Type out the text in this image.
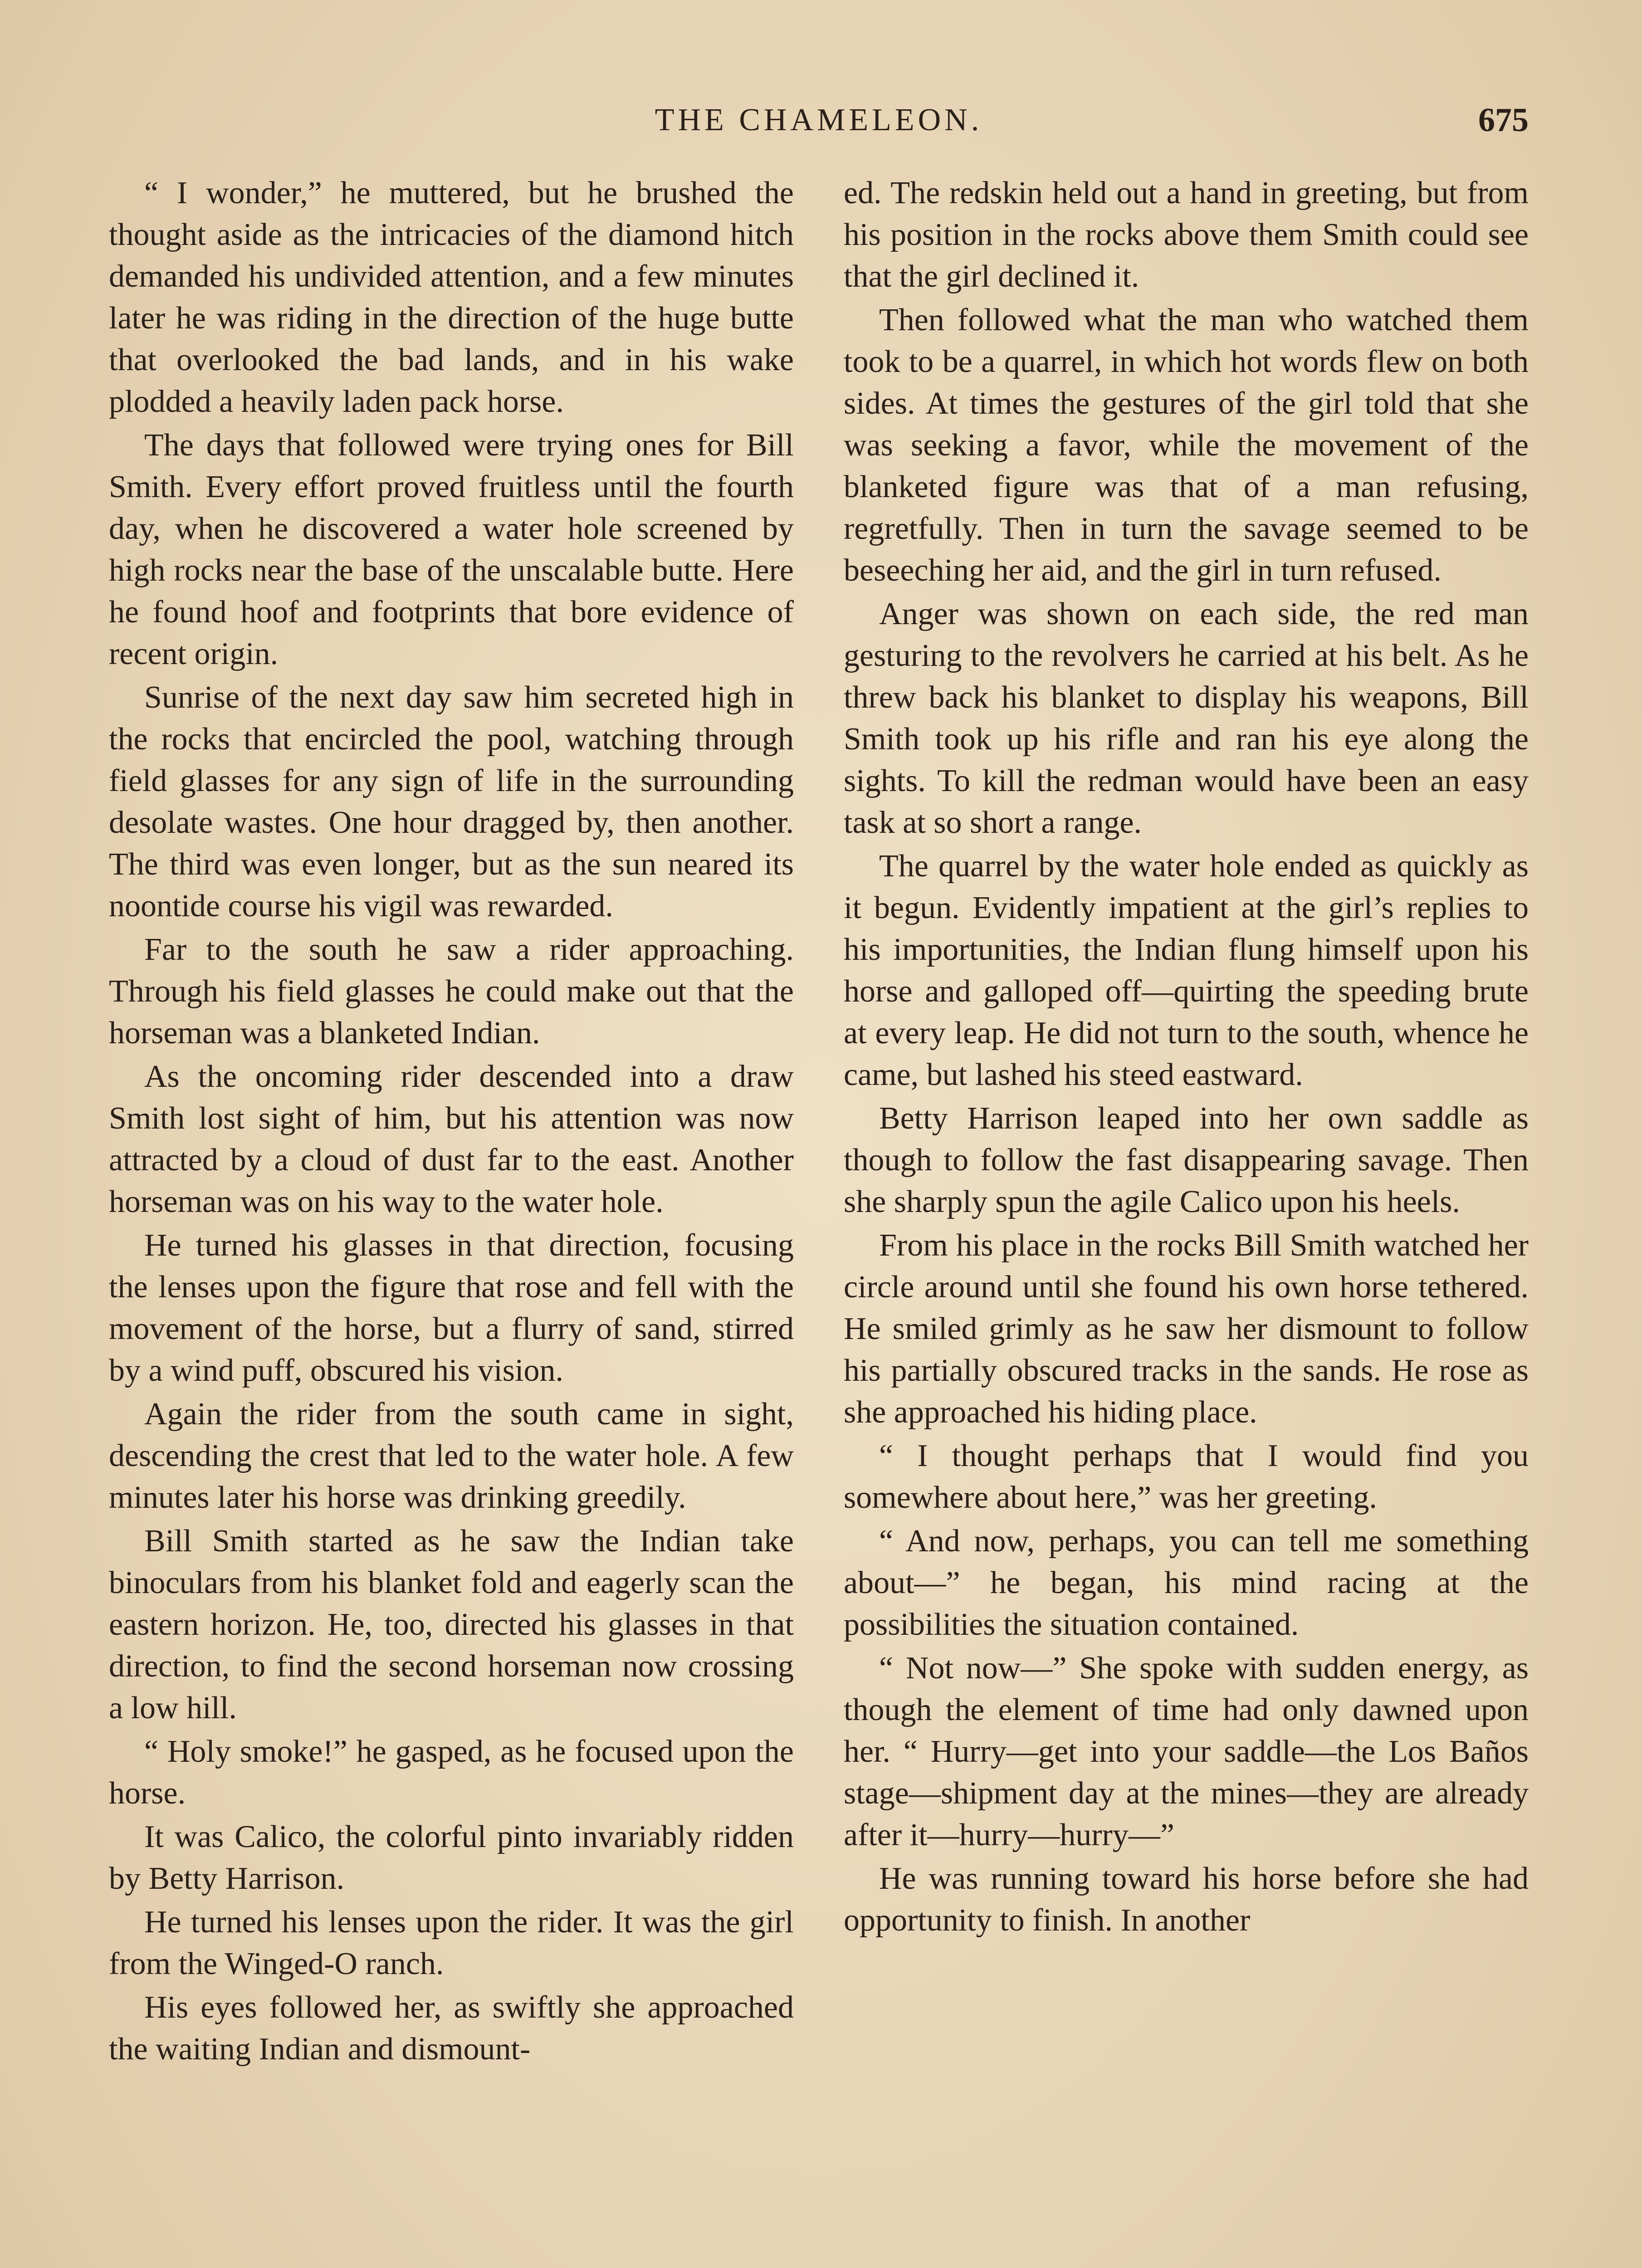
THE CHAMELEON.	675

“ I wonder,” he muttered, but he brushed the thought aside as the intricacies of the diamond hitch demanded his undivided attention, and a few minutes later he was riding in the direction of the huge butte that overlooked the bad lands, and in his wake plodded a heavily laden pack horse.

The days that followed were trying ones for Bill Smith. Every effort proved fruitless until the fourth day, when he discovered a water hole screened by high rocks near the base of the unscalable butte. Here he found hoof and footprints that bore evidence of recent origin.

Sunrise of the next day saw him secreted high in the rocks that encircled the pool, watching through field glasses for any sign of life in the surrounding desolate wastes. One hour dragged by, then another. The third was even longer, but as the sun neared its noontide course his vigil was rewarded.

Far to the south he saw a rider approaching. Through his field glasses he could make out that the horseman was a blanketed Indian.

As the oncoming rider descended into a draw Smith lost sight of him, but his attention was now attracted by a cloud of dust far to the east. Another horseman was on his way to the water hole.

He turned his glasses in that direction, focusing the lenses upon the figure that rose and fell with the movement of the horse, but a flurry of sand, stirred by a wind puff, obscured his vision.

Again the rider from the south came in sight, descending the crest that led to the water hole. A few minutes later his horse was drinking greedily.

Bill Smith started as he saw the Indian take binoculars from his blanket fold and eagerly scan the eastern horizon. He, too, directed his glasses in that direction, to find the second horseman now crossing a low hill.

“ Holy smoke!” he gasped, as he focused upon the horse.

It was Calico, the colorful pinto invariably ridden by Betty Harrison.

He turned his lenses upon the rider. It was the girl from the Winged-O ranch.

His eyes followed her, as swiftly she approached the waiting Indian and dismount-

ed. The redskin held out a hand in greeting, but from his position in the rocks above them Smith could see that the girl declined it.

Then followed what the man who watched them took to be a quarrel, in which hot words flew on both sides. At times the gestures of the girl told that she was seeking a favor, while the movement of the blanketed figure was that of a man refusing, regretfully. Then in turn the savage seemed to be beseeching her aid, and the girl in turn refused.

Anger was shown on each side, the red man gesturing to the revolvers he carried at his belt. As he threw back his blanket to display his weapons, Bill Smith took up his rifle and ran his eye along the sights. To kill the redman would have been an easy task at so short a range.

The quarrel by the water hole ended as quickly as it begun. Evidently impatient at the girl’s replies to his importunities, the Indian flung himself upon his horse and galloped off—quirting the speeding brute at every leap. He did not turn to the south, whence he came, but lashed his steed eastward.

Betty Harrison leaped into her own saddle as though to follow the fast disappearing savage. Then she sharply spun the agile Calico upon his heels.

From his place in the rocks Bill Smith watched her circle around until she found his own horse tethered. He smiled grimly as he saw her dismount to follow his partially obscured tracks in the sands. He rose as she approached his hiding place.

“ I thought perhaps that I would find you somewhere about here,” was her greeting.

“ And now, perhaps, you can tell me something about—” he began, his mind racing at the possibilities the situation contained.

“ Not now—” She spoke with sudden energy, as though the element of time had only dawned upon her. “ Hurry—get into your saddle—the Los Baños stage—shipment day at the mines—they are already after it—hurry—hurry—”

He was running toward his horse before she had opportunity to finish. In another
